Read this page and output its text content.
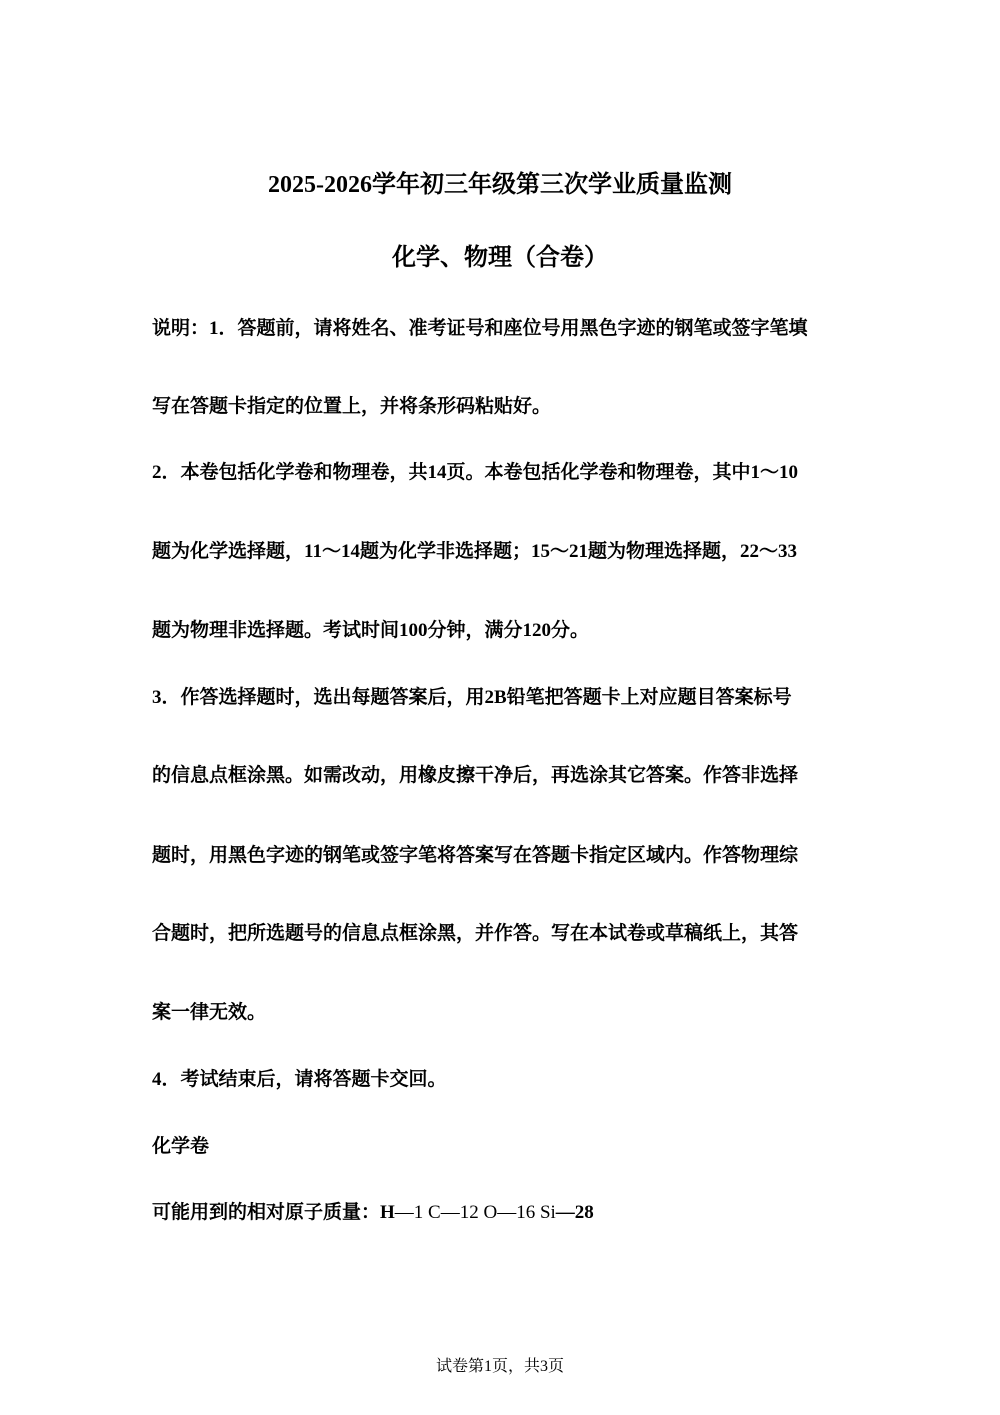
2025-2026学年初三年级第三次学业质量监测
化学、物理（合卷）
说明：1．答题前，请将姓名、准考证号和座位号用黑色字迹的钢笔或签字笔填
写在答题卡指定的位置上，并将条形码粘贴好。
2．本卷包括化学卷和物理卷，共14页。本卷包括化学卷和物理卷，其中1～10
题为化学选择题，11～14题为化学非选择题；15～21题为物理选择题，22～33
题为物理非选择题。考试时间100分钟，满分120分。
3．作答选择题时，选出每题答案后，用2B铅笔把答题卡上对应题目答案标号
的信息点框涂黑。如需改动，用橡皮擦干净后，再选涂其它答案。作答非选择
题时，用黑色字迹的钢笔或签字笔将答案写在答题卡指定区域内。作答物理综
合题时，把所选题号的信息点框涂黑，并作答。写在本试卷或草稿纸上，其答
案一律无效。
4．考试结束后，请将答题卡交回。
化学卷
可能用到的相对原子质量：H—1 C—12 O—16 Si—28
试卷第1页，共3页
